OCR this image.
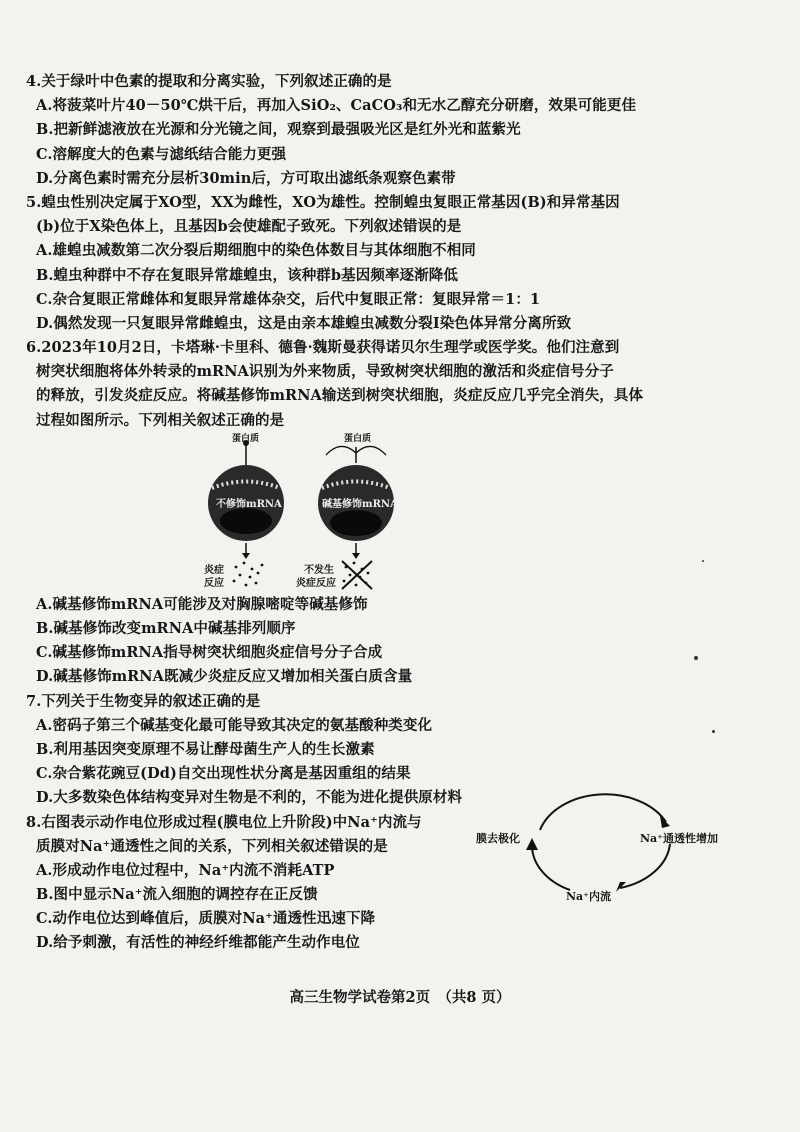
4.关于绿叶中色素的提取和分离实验，下列叙述正确的是
A.将菠菜叶片40－50℃烘干后，再加入SiO₂、CaCO₃和无水乙醇充分研磨，效果可能更佳
B.把新鲜滤液放在光源和分光镜之间，观察到最强吸光区是红外光和蓝紫光
C.溶解度大的色素与滤纸结合能力更强
D.分离色素时需充分层析30min后，方可取出滤纸条观察色素带
5.蝗虫性别决定属于XO型，XX为雌性，XO为雄性。控制蝗虫复眼正常基因(B)和异常基因
(b)位于X染色体上，且基因b会使雄配子致死。下列叙述错误的是
A.雄蝗虫减数第二次分裂后期细胞中的染色体数目与其体细胞不相同
B.蝗虫种群中不存在复眼异常雄蝗虫，该种群b基因频率逐渐降低
C.杂合复眼正常雌体和复眼异常雄体杂交，后代中复眼正常：复眼异常＝1：1
D.偶然发现一只复眼异常雌蝗虫，这是由亲本雄蝗虫减数分裂Ⅰ染色体异常分离所致
6.2023年10月2日，卡塔琳·卡里科、德鲁·魏斯曼获得诺贝尔生理学或医学奖。他们注意到
树突状细胞将体外转录的mRNA识别为外来物质，导致树突状细胞的激活和炎症信号分子
的释放，引发炎症反应。将碱基修饰mRNA输送到树突状细胞，炎症反应几乎完全消失，具体
过程如图所示。下列相关叙述正确的是
蛋白质	蛋白质
不修饰mRNA	碱基修饰mRNA
炎症
反应
不发生
炎症反应
A.碱基修饰mRNA可能涉及对胸腺嘧啶等碱基修饰
B.碱基修饰改变mRNA中碱基排列顺序
C.碱基修饰mRNA指导树突状细胞炎症信号分子合成
D.碱基修饰mRNA既减少炎症反应又增加相关蛋白质含量
7.下列关于生物变异的叙述正确的是
A.密码子第三个碱基变化最可能导致其决定的氨基酸种类变化
B.利用基因突变原理不易让酵母菌生产人的生长激素
C.杂合紫花豌豆(Dd)自交出现性状分离是基因重组的结果
D.大多数染色体结构变异对生物是不利的，不能为进化提供原材料
8.右图表示动作电位形成过程(膜电位上升阶段)中Na⁺内流与
质膜对Na⁺通透性之间的关系，下列相关叙述错误的是
A.形成动作电位过程中，Na⁺内流不消耗ATP
B.图中显示Na⁺流入细胞的调控存在正反馈
C.动作电位达到峰值后，质膜对Na⁺通透性迅速下降
D.给予刺激，有活性的神经纤维都能产生动作电位
膜去极化	Na⁺通透性增加
Na⁺内流
高三生物学试卷第2页　（共8 页）
